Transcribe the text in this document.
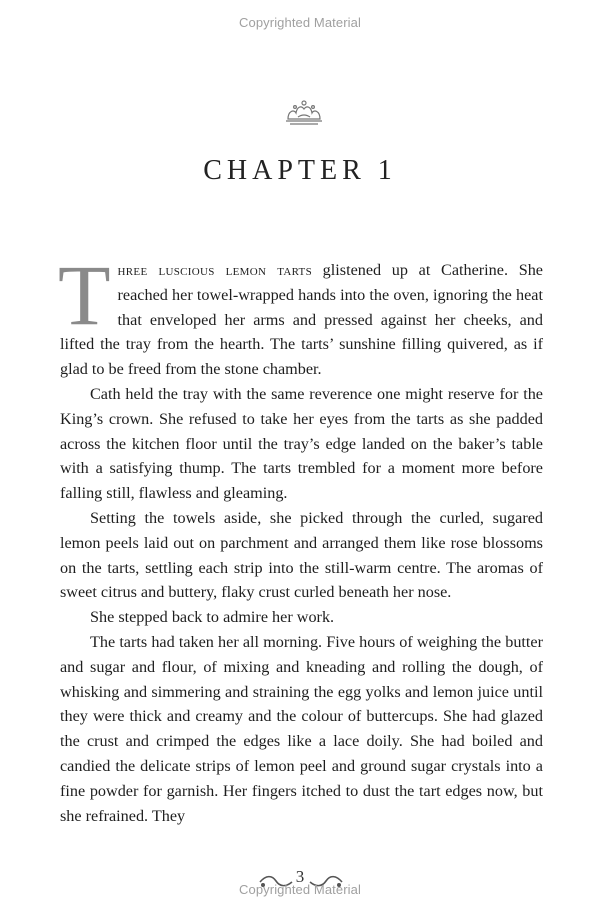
Copyrighted Material
CHAPTER 1

Three luscious lemon tarts glistened up at Catherine. She reached her towel-wrapped hands into the oven, ignoring the heat that enveloped her arms and pressed against her cheeks, and lifted the tray from the hearth. The tarts’ sunshine filling quivered, as if glad to be freed from the stone chamber.

Cath held the tray with the same reverence one might reserve for the King’s crown. She refused to take her eyes from the tarts as she padded across the kitchen floor until the tray’s edge landed on the baker’s table with a satisfying thump. The tarts trembled for a moment more before falling still, flawless and gleaming.

Setting the towels aside, she picked through the curled, sugared lemon peels laid out on parchment and arranged them like rose blossoms on the tarts, settling each strip into the still-warm centre. The aromas of sweet citrus and buttery, flaky crust curled beneath her nose.

She stepped back to admire her work.

The tarts had taken her all morning. Five hours of weighing the butter and sugar and flour, of mixing and kneading and rolling the dough, of whisking and simmering and straining the egg yolks and lemon juice until they were thick and creamy and the colour of buttercups. She had glazed the crust and crimped the edges like a lace doily. She had boiled and candied the delicate strips of lemon peel and ground sugar crystals into a fine powder for garnish. Her fingers itched to dust the tart edges now, but she refrained. They

3
Copyrighted Material
